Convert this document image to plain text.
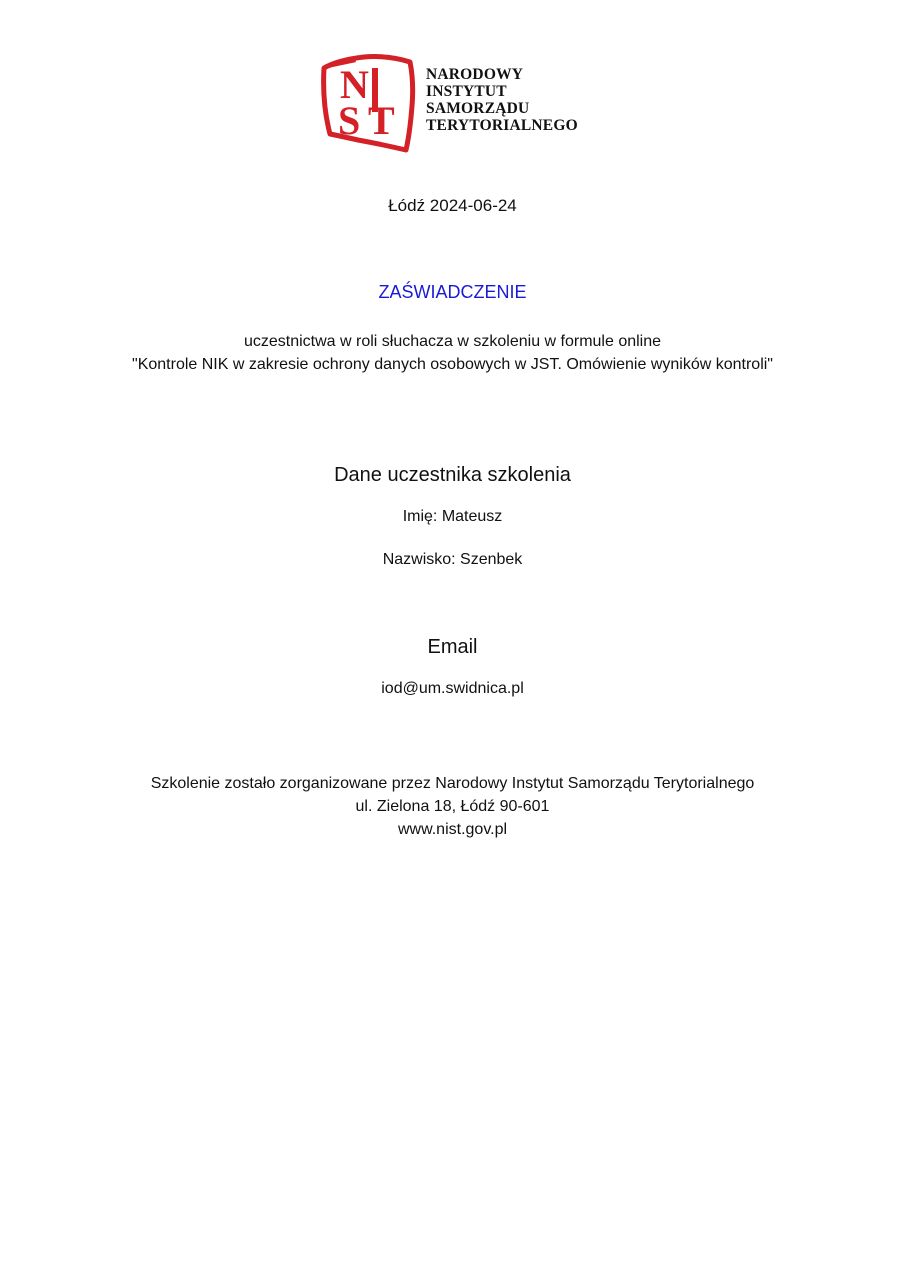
N
S T
NARODOWY
INSTYTUT
SAMORZĄDU
TERYTORIALNEGO
Łódź 2024-06-24
ZAŚWIADCZENIE
uczestnictwa w roli słuchacza w szkoleniu w formule online
"Kontrole NIK w zakresie ochrony danych osobowych w JST. Omówienie wyników kontroli"
Dane uczestnika szkolenia
Imię: Mateusz
Nazwisko: Szenbek
Email
iod@um.swidnica.pl
Szkolenie zostało zorganizowane przez Narodowy Instytut Samorządu Terytorialnego
ul. Zielona 18, Łódź 90-601
www.nist.gov.pl
